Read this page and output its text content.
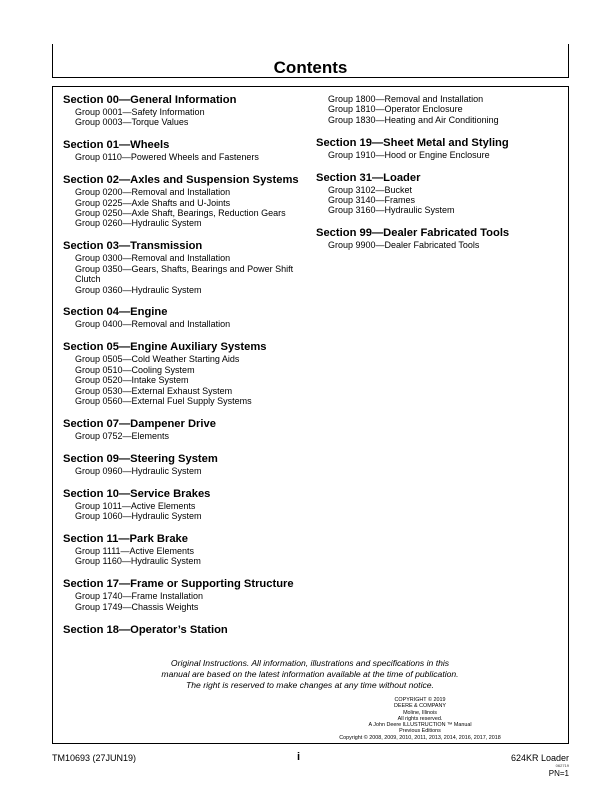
Contents
Section 00—General Information
Group 0001—Safety Information
Group 0003—Torque Values
Section 01—Wheels
Group 0110—Powered Wheels and Fasteners
Section 02—Axles and Suspension Systems
Group 0200—Removal and Installation
Group 0225—Axle Shafts and U-Joints
Group 0250—Axle Shaft, Bearings, Reduction Gears
Group 0260—Hydraulic System
Section 03—Transmission
Group 0300—Removal and Installation
Group 0350—Gears, Shafts, Bearings and Power Shift Clutch
Group 0360—Hydraulic System
Section 04—Engine
Group 0400—Removal and Installation
Section 05—Engine Auxiliary Systems
Group 0505—Cold Weather Starting Aids
Group 0510—Cooling System
Group 0520—Intake System
Group 0530—External Exhaust System
Group 0560—External Fuel Supply Systems
Section 07—Dampener Drive
Group 0752—Elements
Section 09—Steering System
Group 0960—Hydraulic System
Section 10—Service Brakes
Group 1011—Active Elements
Group 1060—Hydraulic System
Section 11—Park Brake
Group 1111—Active Elements
Group 1160—Hydraulic System
Section 17—Frame or Supporting Structure
Group 1740—Frame Installation
Group 1749—Chassis Weights
Section 18—Operator’s Station
Group 1800—Removal and Installation
Group 1810—Operator Enclosure
Group 1830—Heating and Air Conditioning
Section 19—Sheet Metal and Styling
Group 1910—Hood or Engine Enclosure
Section 31—Loader
Group 3102—Bucket
Group 3140—Frames
Group 3160—Hydraulic System
Section 99—Dealer Fabricated Tools
Group 9900—Dealer Fabricated Tools
Original Instructions. All information, illustrations and specifications in this
manual are based on the latest information available at the time of publication.
The right is reserved to make changes at any time without notice.
COPYRIGHT © 2019
DEERE & COMPANY
Moline, Illinois
All rights reserved.
A John Deere ILLUSTRUCTION ™ Manual
Previous Editions
Copyright © 2008, 2009, 2010, 2011, 2013, 2014, 2016, 2017, 2018
TM10693 (27JUN19)	i	624KR Loader
062719
PN=1
